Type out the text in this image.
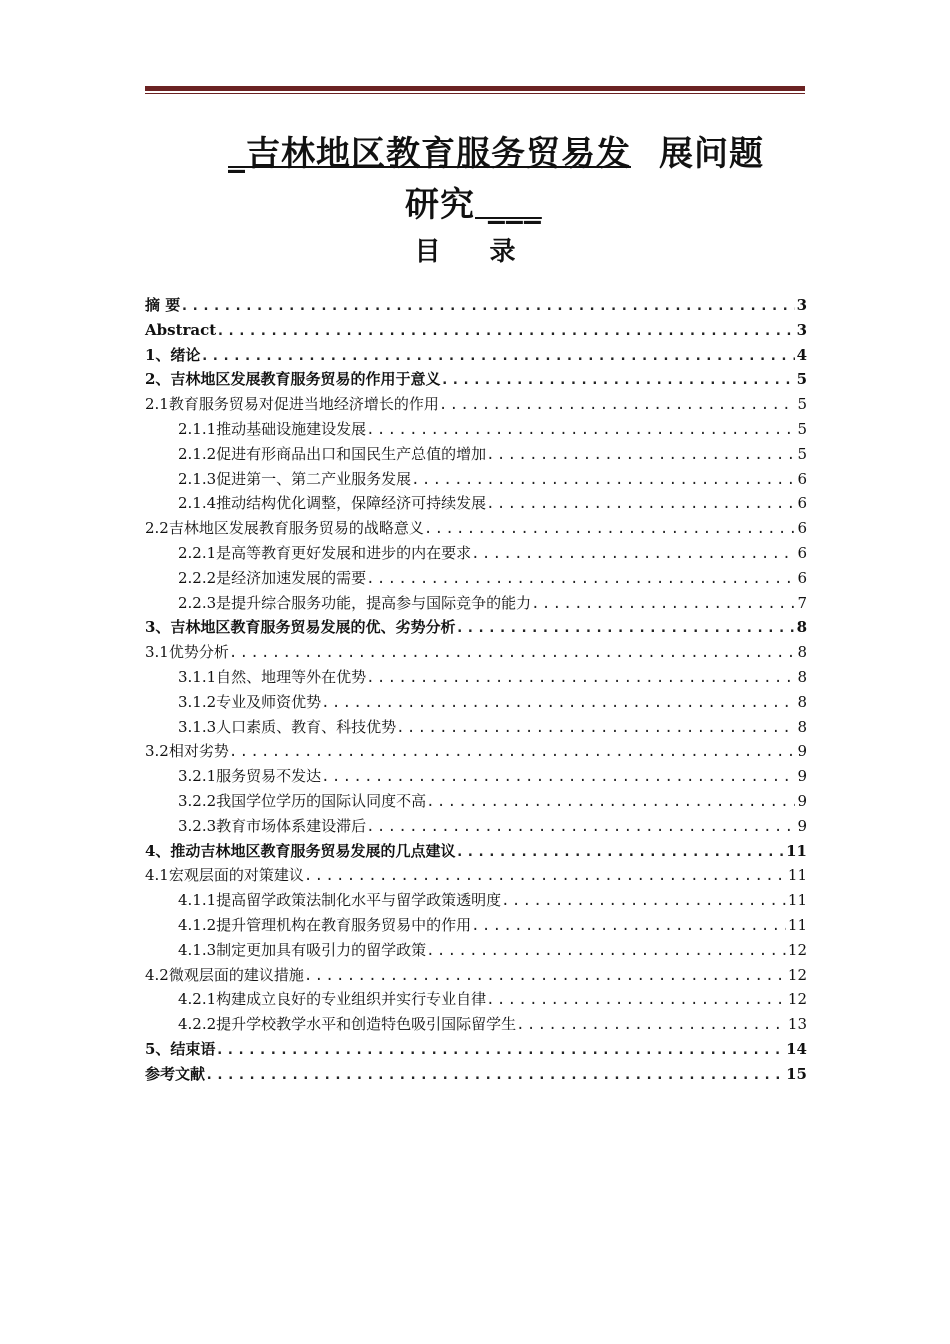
_吉林地区教育服务贸易发 展问题
研究 ___
目 录
摘 要 .....	3
Abstract .....	3
1、绪论 .....	4
2、吉林地区发展教育服务贸易的作用于意义 .....	5
2.1教育服务贸易对促进当地经济增长的作用 .....	5
2.1.1推动基础设施建设发展 .....	5
2.1.2促进有形商品出口和国民生产总值的增加 .....	5
2.1.3促进第一、第二产业服务发展 .....	6
2.1.4推动结构优化调整，保障经济可持续发展 .....	6
2.2吉林地区发展教育服务贸易的战略意义 .....	6
2.2.1是高等教育更好发展和进步的内在要求 .....	6
2.2.2是经济加速发展的需要 .....	6
2.2.3是提升综合服务功能，提高参与国际竞争的能力 .....	7
3、吉林地区教育服务贸易发展的优、劣势分析 .....	8
3.1优势分析 .....	8
3.1.1自然、地理等外在优势 .....	8
3.1.2专业及师资优势 .....	8
3.1.3人口素质、教育、科技优势 .....	8
3.2相对劣势 .....	9
3.2.1服务贸易不发达 .....	9
3.2.2我国学位学历的国际认同度不高 .....	9
3.2.3教育市场体系建设滞后 .....	9
4、推动吉林地区教育服务贸易发展的几点建议 .....	11
4.1宏观层面的对策建议 .....	11
4.1.1提高留学政策法制化水平与留学政策透明度 .....	11
4.1.2提升管理机构在教育服务贸易中的作用 .....	11
4.1.3制定更加具有吸引力的留学政策 .....	12
4.2微观层面的建议措施 .....	12
4.2.1构建成立良好的专业组织并实行专业自律 .....	12
4.2.2提升学校教学水平和创造特色吸引国际留学生 .....	13
5、结束语 .....	14
参考文献 .....	15
